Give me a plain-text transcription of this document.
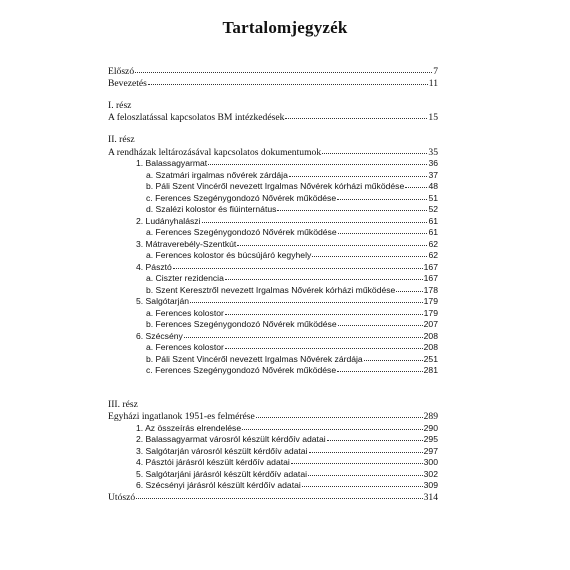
Tartalomjegyzék
Előszó	7
Bevezetés	11
I. rész
A feloszlatással kapcsolatos BM intézkedések	15
II. rész
A rendházak leltározásával kapcsolatos dokumentumok	35
1. Balassagyarmat	36
a. Szatmári irgalmas nővérek zárdája	37
b. Páli Szent Vincéről nevezett Irgalmas Nővérek kórházi működése	48
c. Ferences Szegénygondozó Nővérek működése	51
d. Szalézi kolostor és fiúinternátus	52
2. Ludányhalászi	61
a. Ferences Szegénygondozó Nővérek működése	61
3. Mátraverebély-Szentkút	62
a. Ferences kolostor és búcsújáró kegyhely	62
4. Pásztó	167
a. Ciszter rezidencia	167
b. Szent Keresztről nevezett Irgalmas Nővérek kórházi működése	178
5. Salgótarján	179
a. Ferences kolostor	179
b. Ferences Szegénygondozó Nővérek működése	207
6. Szécsény	208
a. Ferences kolostor	208
b. Páli Szent Vincéről nevezett Irgalmas Nővérek zárdája	251
c. Ferences Szegénygondozó Nővérek működése	281
III. rész
Egyházi ingatlanok 1951-es felmérése	289
1. Az összeírás elrendelése	290
2. Balassagyarmat városról készült kérdőív adatai	295
3. Salgótarján városról készült kérdőív adatai	297
4. Pásztói járásról készült kérdőív adatai	300
5. Salgótarjáni járásról készült kérdőív adatai	302
6. Szécsényi járásról készült kérdőív adatai	309
Utószó	314
